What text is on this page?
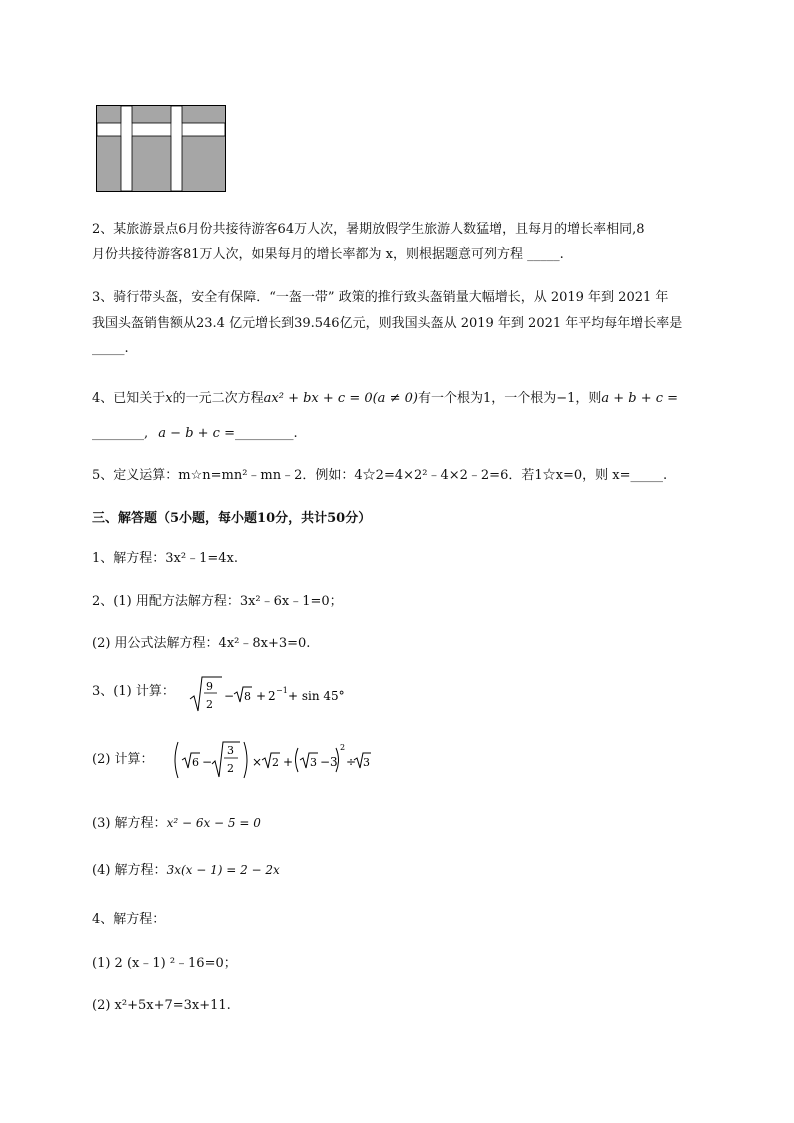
2、某旅游景点6月份共接待游客64万人次，暑期放假学生旅游人数猛增，且每月的增长率相同,8
月份共接待游客81万人次，如果每月的增长率都为 x，则根据题意可列方程 _____.
3、骑行带头盔，安全有保障．“一盔一带” 政策的推行致头盔销量大幅增长，从 2019 年到 2021 年
我国头盔销售额从23.4 亿元增长到39.546亿元，则我国头盔从 2019 年到 2021 年平均每年增长率是
_____.
4、已知关于x的一元二次方程ax² + bx + c = 0(a ≠ 0)有一个根为1，一个根为−1，则a + b + c =
________, a − b + c =_________.
5、定义运算：m☆n=mn²﹣mn﹣2．例如：4☆2=4×2²﹣4×2﹣2=6．若1☆x=0，则 x=_____.
三、解答题（5小题，每小题10分，共计50分）
1、解方程：3x²﹣1=4x.
2、(1) 用配方法解方程：3x²﹣6x﹣1=0；
(2) 用公式法解方程：4x²﹣8x+3=0.
3、(1) 计算：	9
2
− 8 + 2 −1 + sin 45°
(2) 计算：	6 −
3
2 × 2 + 3 −3
2
÷ 3
(3) 解方程：x² − 6x − 5 = 0
(4) 解方程：3x(x − 1) = 2 − 2x
4、解方程：
(1) 2 (x﹣1) ²﹣16=0；
(2) x²+5x+7=3x+11.
